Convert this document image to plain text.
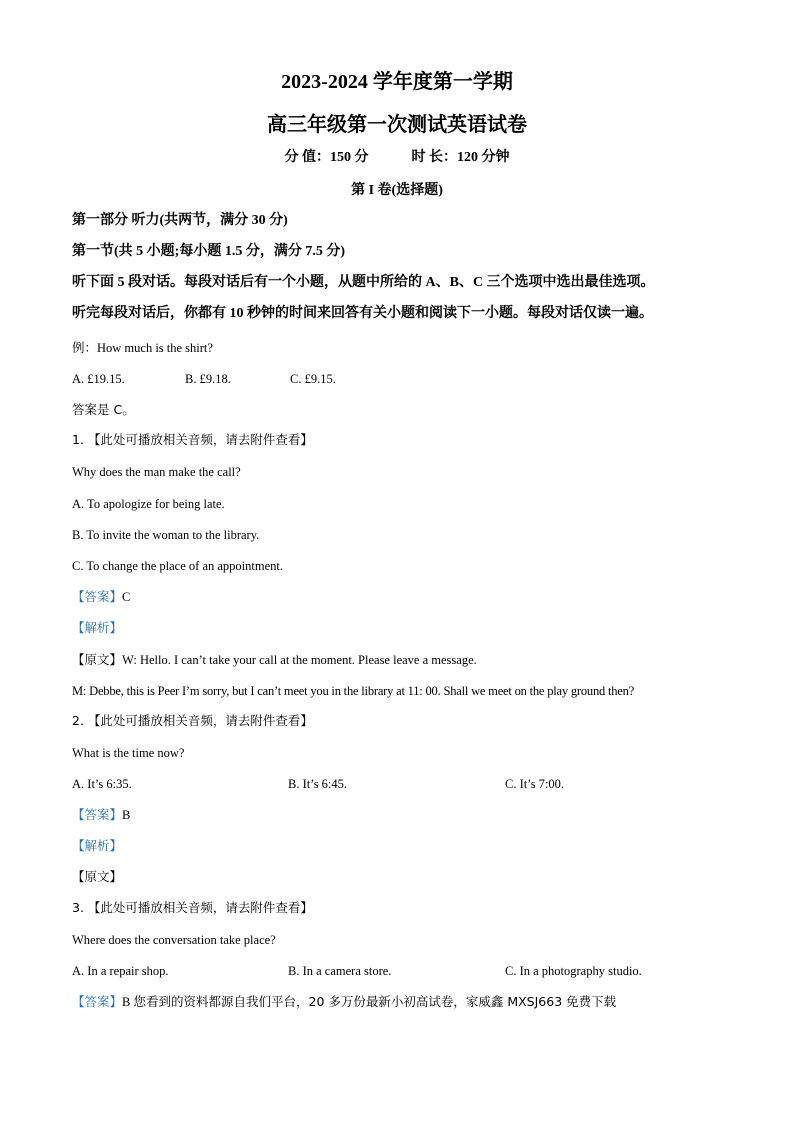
2023-2024 学年度第一学期
高三年级第一次测试英语试卷
分 值：150 分	时 长：120 分钟
第 I 卷(选择题)
第一部分 听力(共两节，满分 30 分)
第一节(共 5 小题;每小题 1.5 分，满分 7.5 分)
听下面 5 段对话。每段对话后有一个小题，从题中所给的 A、B、C 三个选项中选出最佳选项。
听完每段对话后，你都有 10 秒钟的时间来回答有关小题和阅读下一小题。每段对话仅读一遍。
例：How much is the shirt?
A. £19.15.	B. £9.18.	C. £9.15.
答案是 C。
1. 【此处可播放相关音频，请去附件查看】
Why does the man make the call?
A. To apologize for being late.
B. To invite the woman to the library.
C. To change the place of an appointment.
【答案】C
【解析】
【原文】W: Hello. I can’t take your call at the moment. Please leave a message.
M: Debbe, this is Peer I’m sorry, but I can’t meet you in the library at 11: 00. Shall we meet on the play ground then?
2. 【此处可播放相关音频，请去附件查看】
What is the time now?
A. It’s 6:35.	B. It’s 6:45.	C. It’s 7:00.
【答案】B
【解析】
【原文】
3. 【此处可播放相关音频，请去附件查看】
Where does the conversation take place?
A. In a repair shop.	B. In a camera store.	C. In a photography studio.
【答案】B 您看到的资料都源自我们平台，20 多万份最新小初高试卷，家威鑫 MXSJ663 免费下载
